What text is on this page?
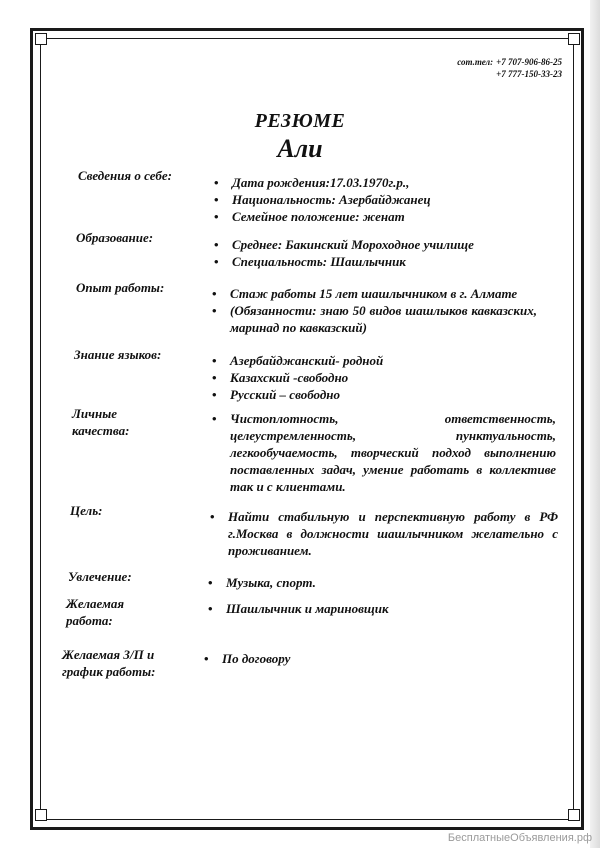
сот.тел: +7 707-906-86-25
+7 777-150-33-23
РЕЗЮМЕ
Али
Сведения о себе:	• Дата рождения:17.03.1970г.р.,
• Национальность: Азербайджанец
• Семейное положение: женат
Образование:	• Среднее: Бакинский Мороходное училище
• Специальность: Шашлычник
Опыт работы:	• Стаж работы 15 лет шашлычником в г. Алмате
• (Обязанности: знаю 50 видов шашлыков кавказских, маринад по кавказский)
Знание языков:	• Азербайджанский- родной
• Казахский -свободно
• Русский – свободно
Личные
качества:
• Чистоплотность, ответственность, целеустремленность, пунктуальность, легкообучаемость, творческий подход выполнению поставленных задач, умение работать в коллективе так и с клиентами.
Цель:	• Найти стабильную и перспективную работу в РФ г.Москва в должности шашлычником желательно с проживанием.
Увлечение:	• Музыка, спорт.
Желаемая
работа:
• Шашлычник и мариновщик
Желаемая З/П и
график работы:
• По договору
БесплатныеОбъявления.рф
